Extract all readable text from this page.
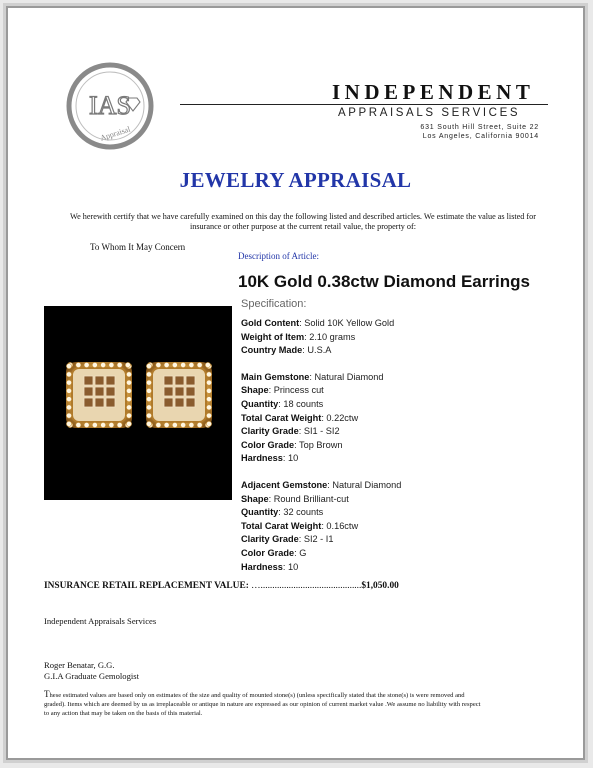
IAS
Appraisal
INDEPENDENT
APPRAISALS SERVICES
631 South Hill Street, Suite 22
Los Angeles, California 90014
JEWELRY APPRAISAL
We herewith certify that we have carefully examined on this day the following listed and described articles. We estimate the value as listed for insurance or other purpose at the current retail value, the property of:
To Whom It May Concern
Description of Article:
10K Gold 0.38ctw Diamond Earrings
Specification:
Gold Content: Solid 10K Yellow Gold
Weight of Item: 2.10 grams
Country Made: U.S.A
Main Gemstone: Natural Diamond
Shape: Princess cut
Quantity: 18 counts
Total Carat Weight: 0.22ctw
Clarity Grade: SI1 - SI2
Color Grade: Top Brown
Hardness: 10
Adjacent Gemstone: Natural Diamond
Shape: Round Brilliant-cut
Quantity: 32 counts
Total Carat Weight: 0.16ctw
Clarity Grade: SI2 - I1
Color Grade: G
Hardness: 10
INSURANCE RETAIL REPLACEMENT VALUE: …...........................................$1,050.00
Independent Appraisals Services
Roger Benatar, G.G.
G.I.A Graduate Gemologist
These estimated values are based only on estimates of the size and quality of mounted stone(s) (unless specifically stated that the stone(s) is were removed and graded). Items which are deemed by us as irreplaceable or antique in nature are expressed as our opinion of current market value .We assume no liability with respect to any action that may be taken on the basis of this material.
